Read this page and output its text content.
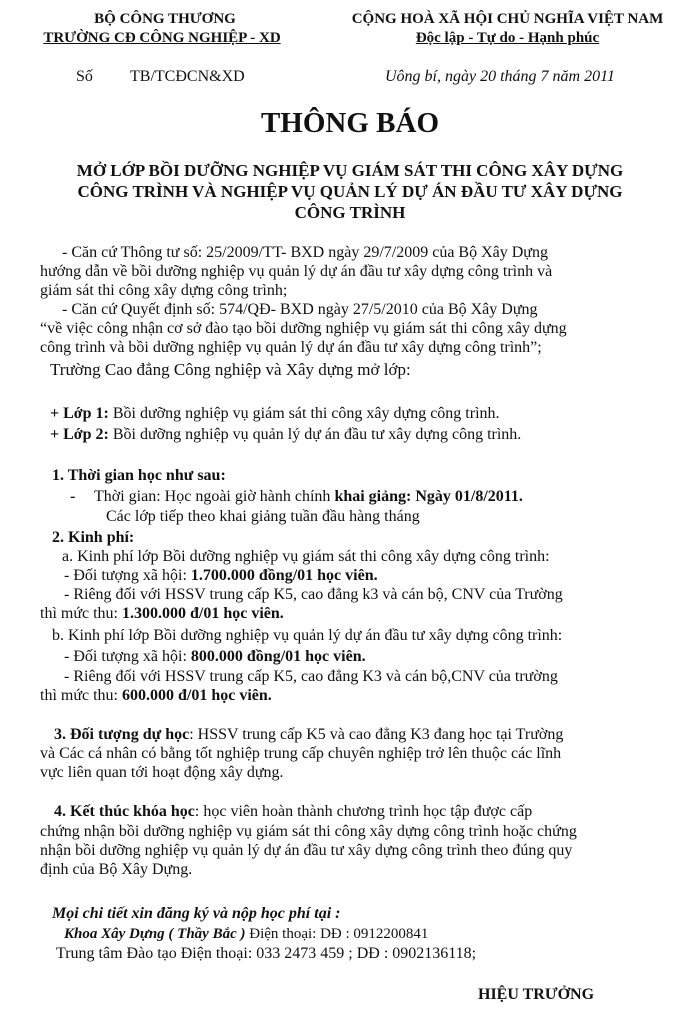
BỘ CÔNG THƯƠNG
TRƯỜNG CĐ CÔNG NGHIỆP - XD
CỘNG HOÀ XÃ HỘI CHỦ NGHĨA VIỆT NAM
Độc lập - Tự do - Hạnh phúc
Số TB/TCĐCN&XD	Uông bí, ngày 20 tháng 7 năm 2011
THÔNG BÁO
MỞ LỚP BỒI DƯỠNG NGHIỆP VỤ GIÁM SÁT THI CÔNG XÂY DỰNG
CÔNG TRÌNH VÀ NGHIỆP VỤ QUẢN LÝ DỰ ÁN ĐẦU TƯ XÂY DỰNG
CÔNG TRÌNH
- Căn cứ Thông tư số: 25/2009/TT- BXD ngày 29/7/2009 của Bộ Xây Dựng
hướng dẫn về bồi dưỡng nghiệp vụ quản lý dự án đầu tư xây dựng công trình và
giám sát thi công xây dựng công trình;
- Căn cứ Quyết định số: 574/QĐ- BXD ngày 27/5/2010 của Bộ Xây Dựng
“về việc công nhận cơ sở đào tạo bồi dưỡng nghiệp vụ giám sát thi công xây dựng
công trình và bồi dưỡng nghiệp vụ quản lý dự án đầu tư xây dựng công trình”;
Trường Cao đẳng Công nghiệp và Xây dựng mở lớp:
+ Lớp 1: Bồi dưỡng nghiệp vụ giám sát thi công xây dựng công trình.
+ Lớp 2: Bồi dưỡng nghiệp vụ quản lý dự án đầu tư xây dựng công trình.
1. Thời gian học như sau:
- Thời gian: Học ngoài giờ hành chính khai giảng: Ngày 01/8/2011.
Các lớp tiếp theo khai giảng tuần đầu hàng tháng
2. Kinh phí:
a. Kinh phí lớp Bồi dưỡng nghiệp vụ giám sát thi công xây dựng công trình:
- Đối tượng xã hội: 1.700.000 đồng/01 học viên.
- Riêng đối với HSSV trung cấp K5, cao đẳng k3 và cán bộ, CNV của Trường
thì mức thu: 1.300.000 đ/01 học viên.
b. Kinh phí lớp Bồi dưỡng nghiệp vụ quản lý dự án đầu tư xây dựng công trình:
- Đối tượng xã hội: 800.000 đồng/01 học viên.
- Riêng đối với HSSV trung cấp K5, cao đẳng K3 và cán bộ,CNV của trường
thì mức thu: 600.000 đ/01 học viên.
3. Đối tượng dự học: HSSV trung cấp K5 và cao đẳng K3 đang học tại Trường
và Các cá nhân có bằng tốt nghiệp trung cấp chuyên nghiệp trở lên thuộc các lĩnh
vực liên quan tới hoạt động xây dựng.
4. Kết thúc khóa học: học viên hoàn thành chương trình học tập được cấp
chứng nhận bồi dưỡng nghiệp vụ giám sát thi công xây dựng công trình hoặc chứng
nhận bồi dưỡng nghiệp vụ quản lý dự án đầu tư xây dựng công trình theo đúng quy
định của Bộ Xây Dựng.
Mọi chi tiết xin đăng ký và nộp học phí tại :
Khoa Xây Dựng ( Thầy Bắc ) Điện thoại: DĐ : 0912200841
Trung tâm Đào tạo Điện thoại: 033 2473 459 ; DĐ : 0902136118;
HIỆU TRƯỞNG
